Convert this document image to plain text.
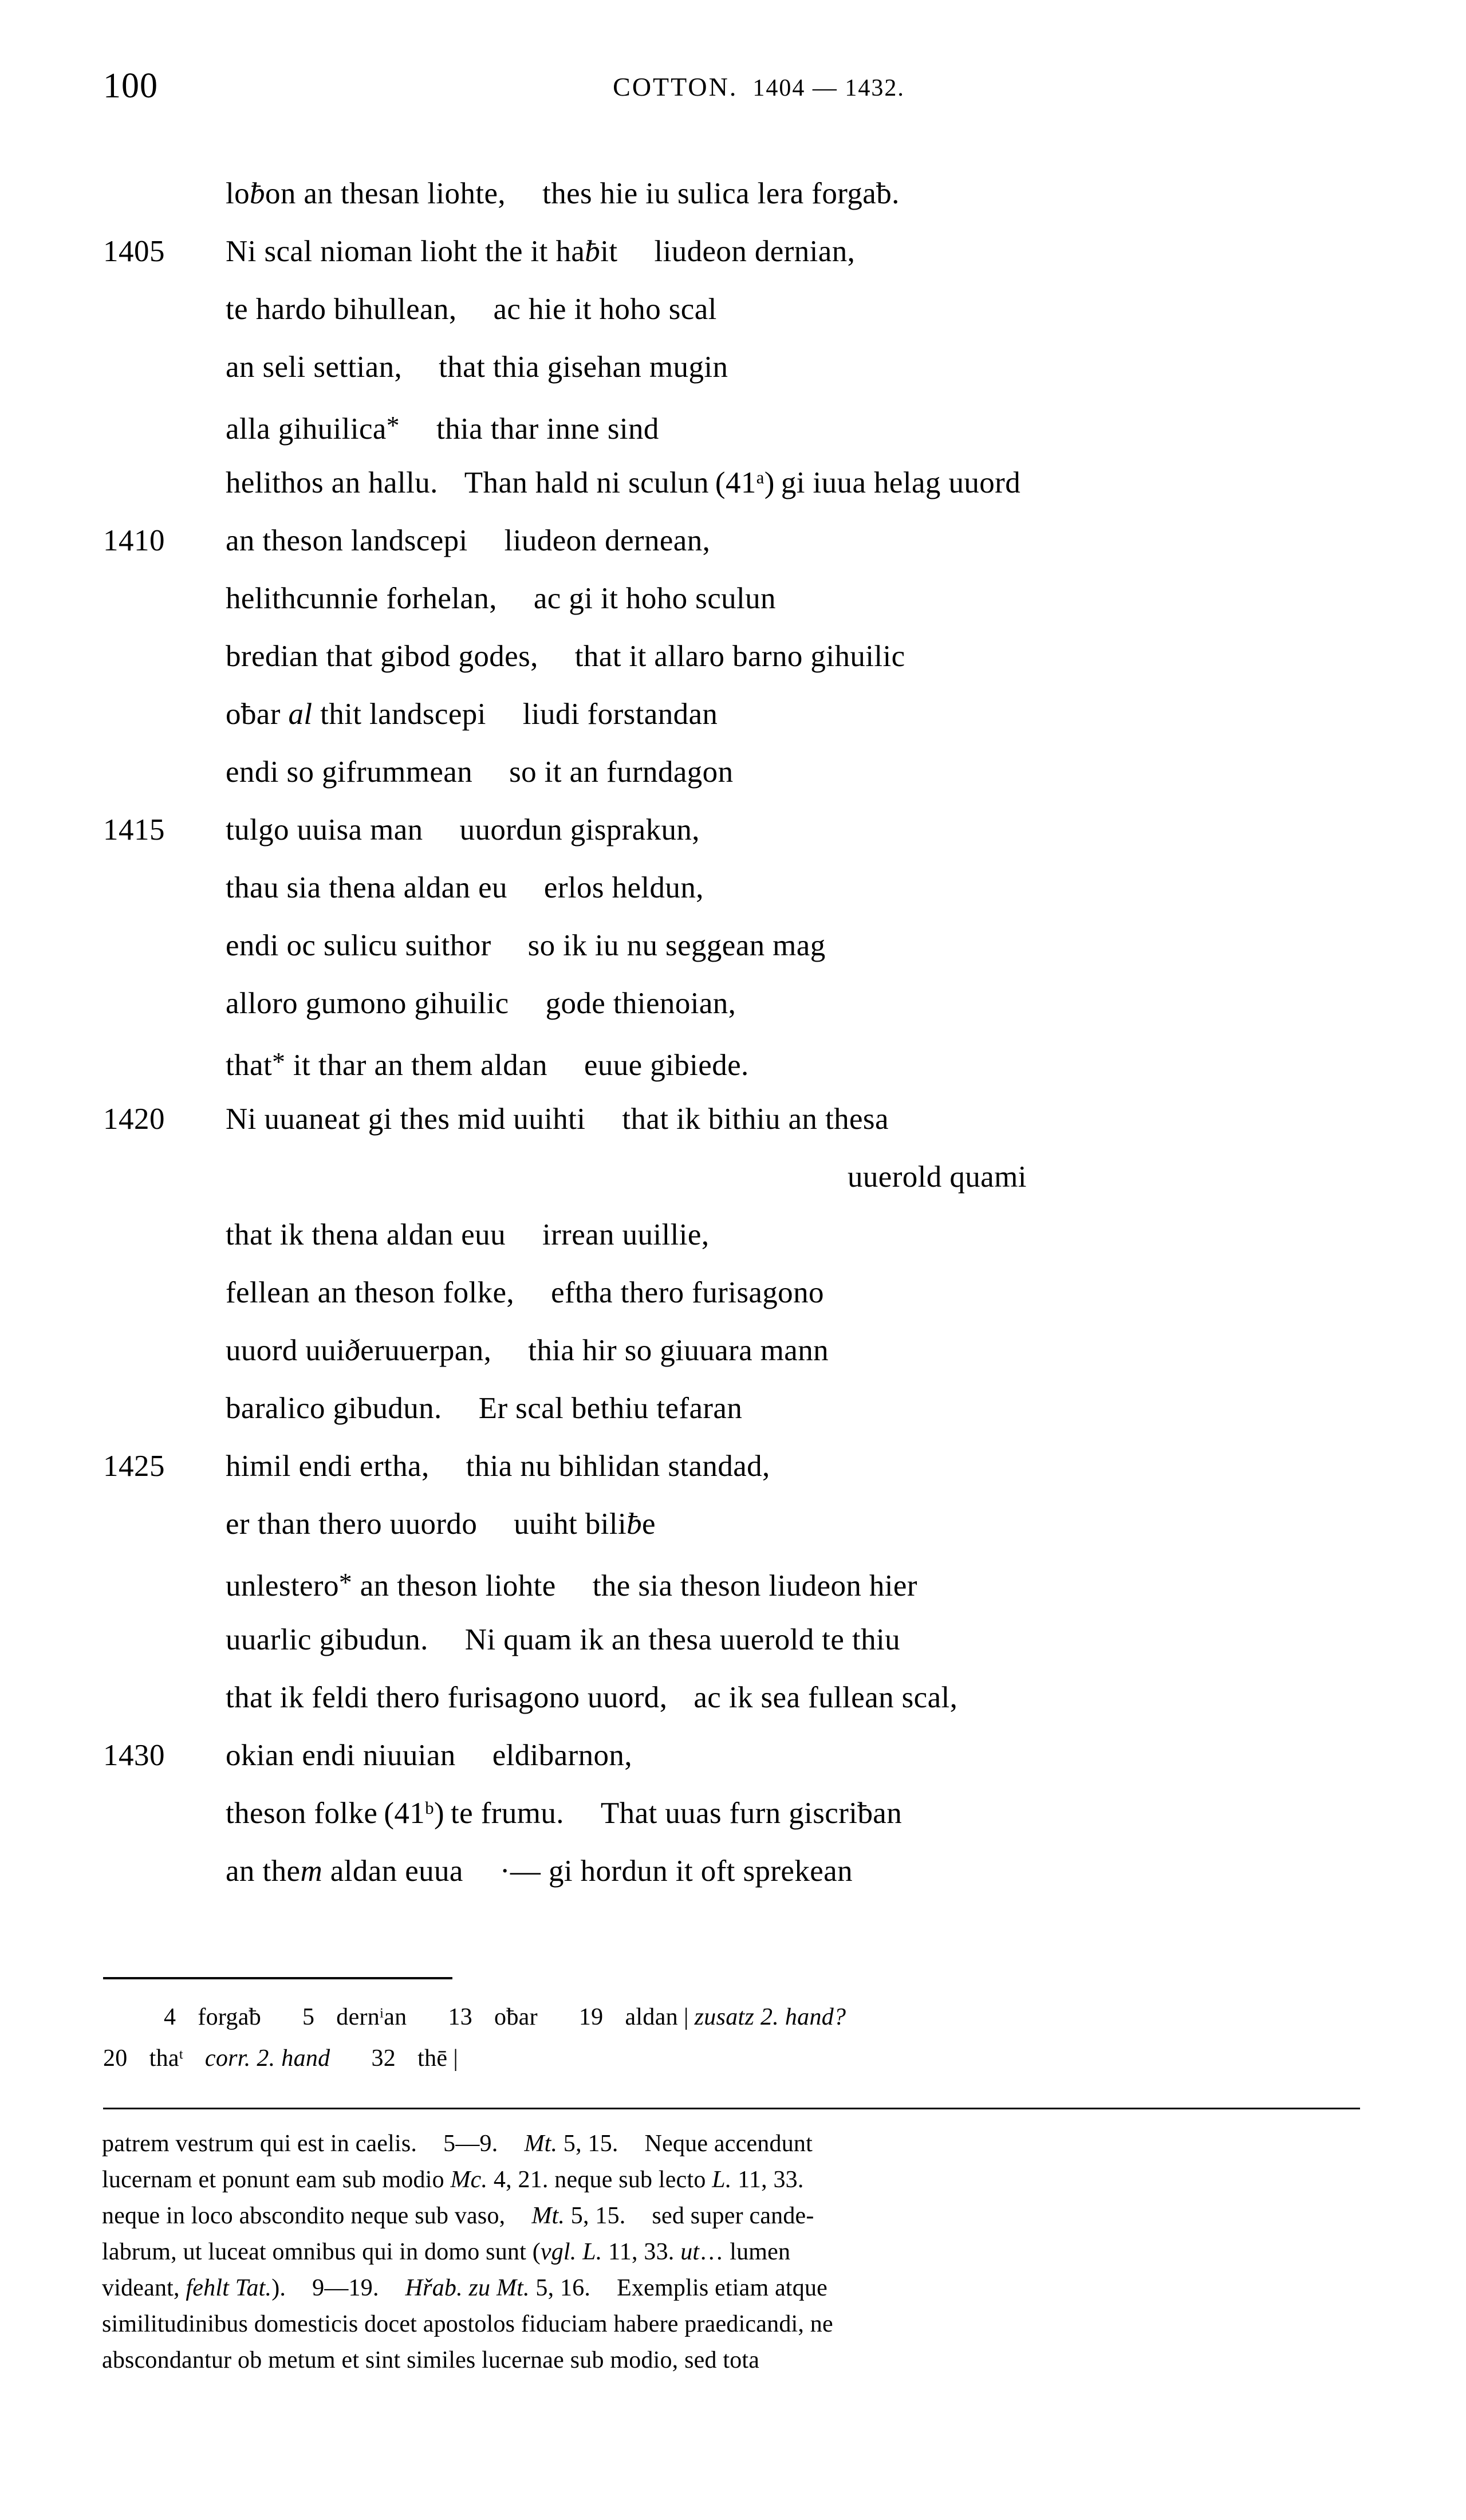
100	COTTON. 1404 — 1432.
loƀon an thesan liohte, thes hie iu sulica lera forgaƀ.
1405	Ni scal nioman lioht the it haƀit liudeon dernian,
te hardo bihullean, ac hie it hoho scal
an seli settian, that thia gisehan mugin
alla gihuilica* thia thar inne sind
helithos an hallu. Than hald ni sculun (41$^a$) gi iuua helag uuord
1410	an theson landscepi liudeon dernean,
helithcunnie forhelan, ac gi it hoho sculun
bredian that gibod godes, that it allaro barno gihuilic
oƀar al thit landscepi liudi forstandan
endi so gifrummean so it an furndagon
1415	tulgo uuisa man uuordun gisprakun,
thau sia thena aldan eu erlos heldun,
endi oc sulicu suithor so ik iu nu seggean mag
alloro gumono gihuilic gode thienoian,
that* it thar an them aldan euue gibiede.
1420	Ni uuaneat gi thes mid uuihti that ik bithiu an thesa
uuerold quami
that ik thena aldan euu irrean uuillie,
fellean an theson folke, eftha thero furisagono
uuord uuiðeruuerpan, thia hir so giuuara mann
baralico gibudun. Er scal bethiu tefaran
1425	himil endi ertha, thia nu bihlidan standad,
er than thero uuordo uuiht biliƀe
unlestero* an theson liohte the sia theson liudeon hier
uuarlic gibudun. Ni quam ik an thesa uuerold te thiu
that ik feldi thero furisagono uuord, ac ik sea fullean scal,
1430	okian endi niuuian eldibarnon,
theson folke (41$^b$) te frumu. That uuas furn giscriƀan
an them aldan euua ·— gi hordun it oft sprekean
4 forgaƀ 5 dern$^i$an 13 oƀar 19 aldan | zusatz 2. hand?
20 tha$^t$ corr. 2. hand 32 thē |

patrem vestrum qui est in caelis. 5—9. Mt. 5, 15. Neque accendunt
lucernam et ponunt eam sub modio Mc. 4, 21. neque sub lecto L. 11, 33.
neque in loco abscondito neque sub vaso, Mt. 5, 15. sed super cande-
labrum, ut luceat omnibus qui in domo sunt (vgl. L. 11, 33. ut… lumen
videant, fehlt Tat.). 9—19. Hřab. zu Mt. 5, 16. Exemplis etiam atque
similitudinibus domesticis docet apostolos fiduciam habere praedicandi, ne
abscondantur ob metum et sint similes lucernae sub modio, sed tota
